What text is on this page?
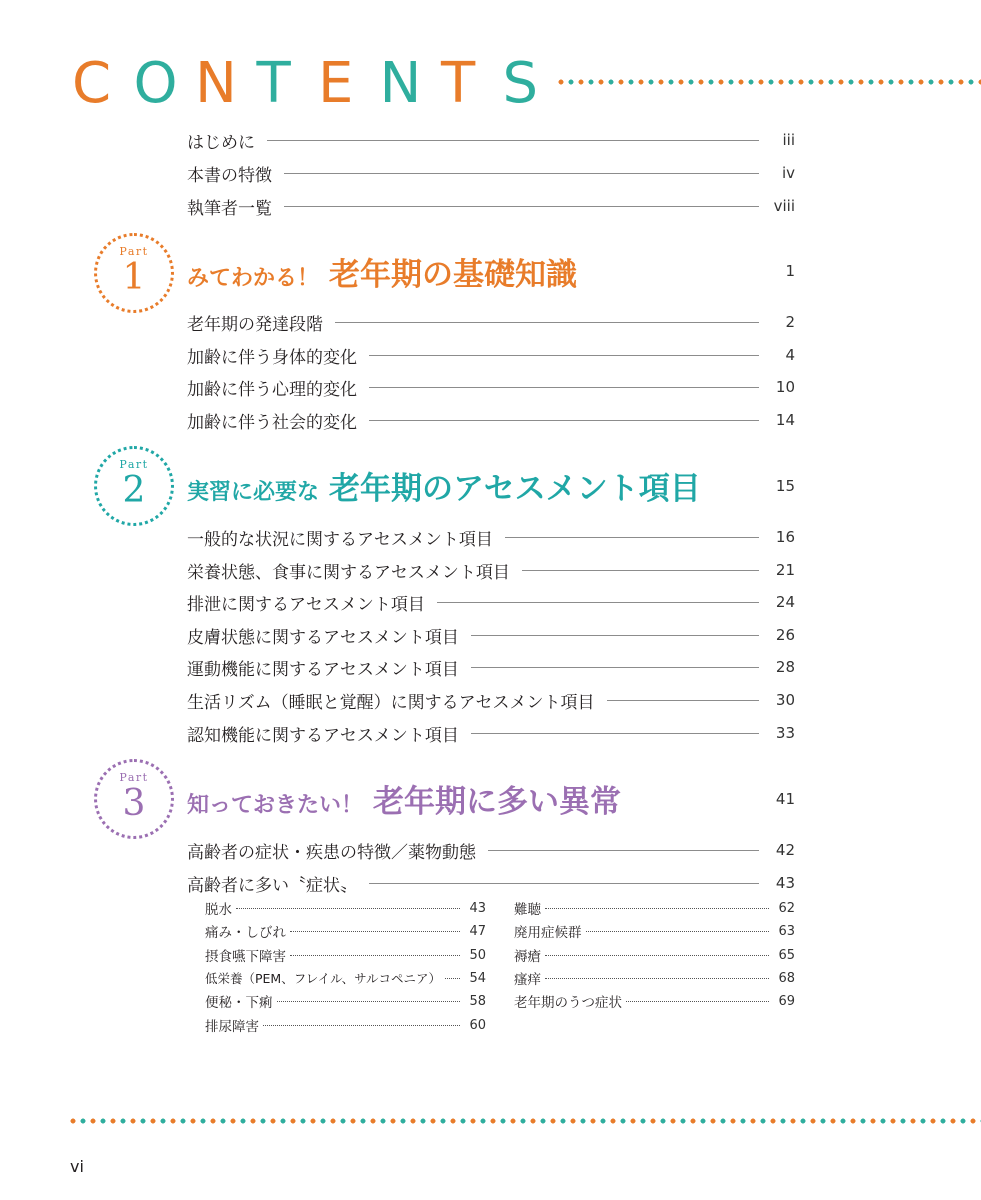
C O N T E N T S
はじめに	iii
本書の特徴	iv
執筆者一覧	viii
Part
1	みてわかる！ 老年期の基礎知識	1
老年期の発達段階	2
加齢に伴う身体的変化	4
加齢に伴う心理的変化	10
加齢に伴う社会的変化	14
Part
2	実習に必要な 老年期のアセスメント項目	15
一般的な状況に関するアセスメント項目	16
栄養状態、食事に関するアセスメント項目	21
排泄に関するアセスメント項目	24
皮膚状態に関するアセスメント項目	26
運動機能に関するアセスメント項目	28
生活リズム（睡眠と覚醒）に関するアセスメント項目	30
認知機能に関するアセスメント項目	33
Part
3	知っておきたい！ 老年期に多い異常	41
高齢者の症状・疾患の特徴／薬物動態	42
高齢者に多い〝症状〟	43
脱水	43
痛み・しびれ	47
摂食嚥下障害	50
低栄養（PEM、フレイル、サルコペニア） 54
便秘・下痢	58
排尿障害	60
難聴	62
廃用症候群	63
褥瘡	65
瘙痒	68
老年期のうつ症状	69
vi
